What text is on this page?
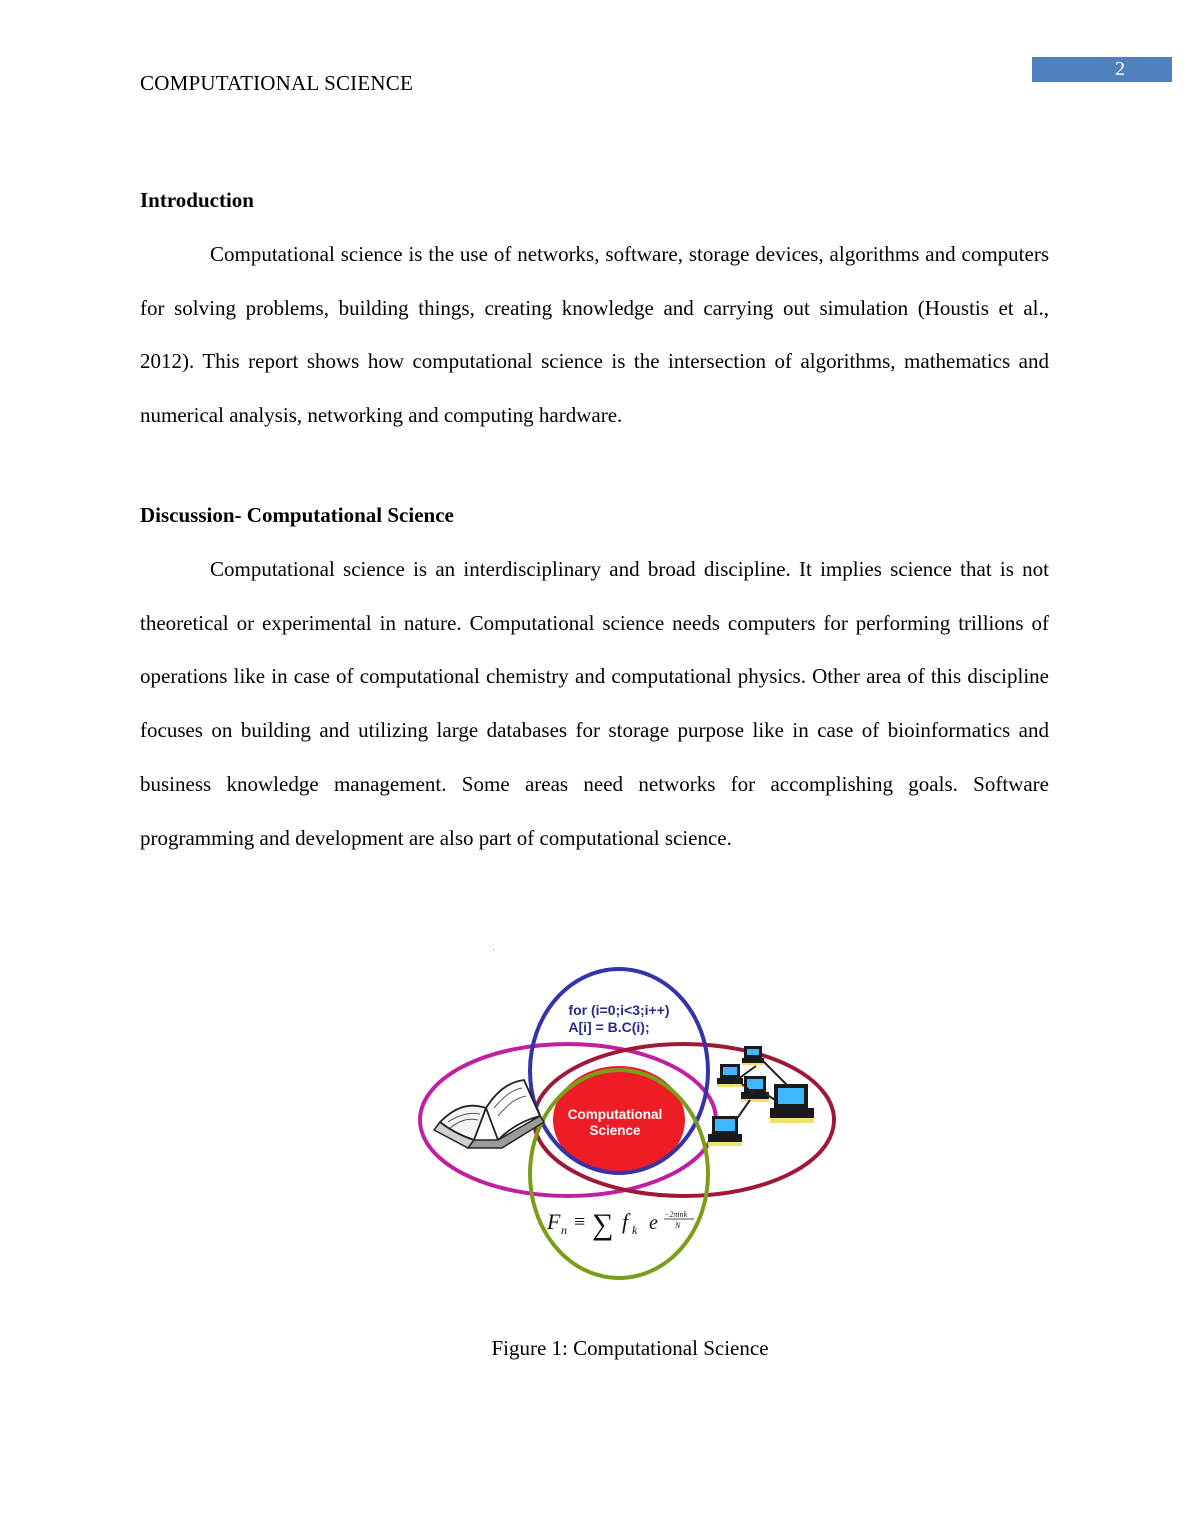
COMPUTATIONAL SCIENCE
2
Introduction
Computational science is the use of networks, software, storage devices, algorithms and computers for solving problems, building things, creating knowledge and carrying out simulation (Houstis et al., 2012). This report shows how computational science is the intersection of algorithms, mathematics and numerical analysis, networking and computing hardware.
Discussion- Computational Science
Computational science is an interdisciplinary and broad discipline. It implies science that is not theoretical or experimental in nature. Computational science needs computers for performing trillions of operations like in case of computational chemistry and computational physics. Other area of this discipline focuses on building and utilizing large databases for storage purpose like in case of bioinformatics and business knowledge management. Some areas need networks for accomplishing goals. Software programming and development are also part of computational science.
Computational
Science
for (i=0;i<3;i++)
A[i] = B.C(i);
F n ≡ ∑ f k e −2πink
N
Figure 1: Computational Science
